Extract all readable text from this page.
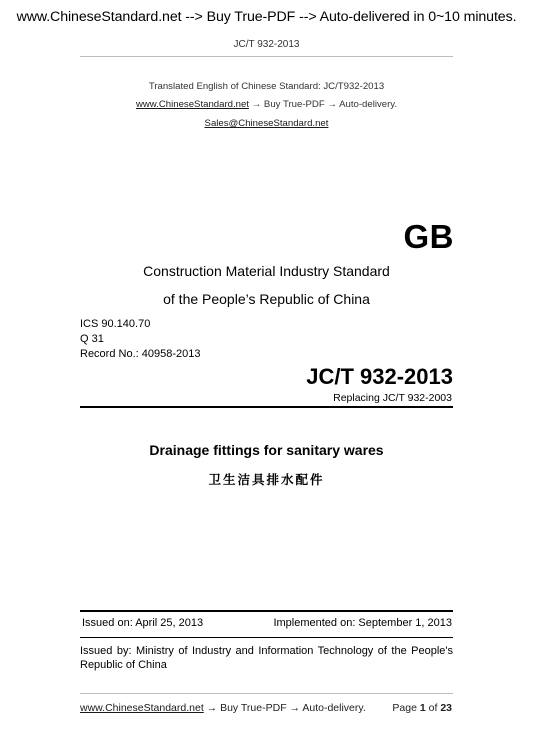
www.ChineseStandard.net --> Buy True-PDF --> Auto-delivered in 0~10 minutes.
JC/T 932-2013
Translated English of Chinese Standard: JC/T932-2013
www.ChineseStandard.net → Buy True-PDF → Auto-delivery.
Sales@ChineseStandard.net
GB
Construction Material Industry Standard
of the People’s Republic of China
ICS 90.140.70
Q 31
Record No.: 40958-2013
JC/T 932-2013
Replacing JC/T 932-2003
Drainage fittings for sanitary wares
卫生洁具排水配件
Issued on: April 25, 2013	Implemented on: September 1, 2013
Issued by: Ministry of Industry and Information Technology of the People's Republic of China
www.ChineseStandard.net → Buy True-PDF → Auto-delivery.	Page 1 of 23
